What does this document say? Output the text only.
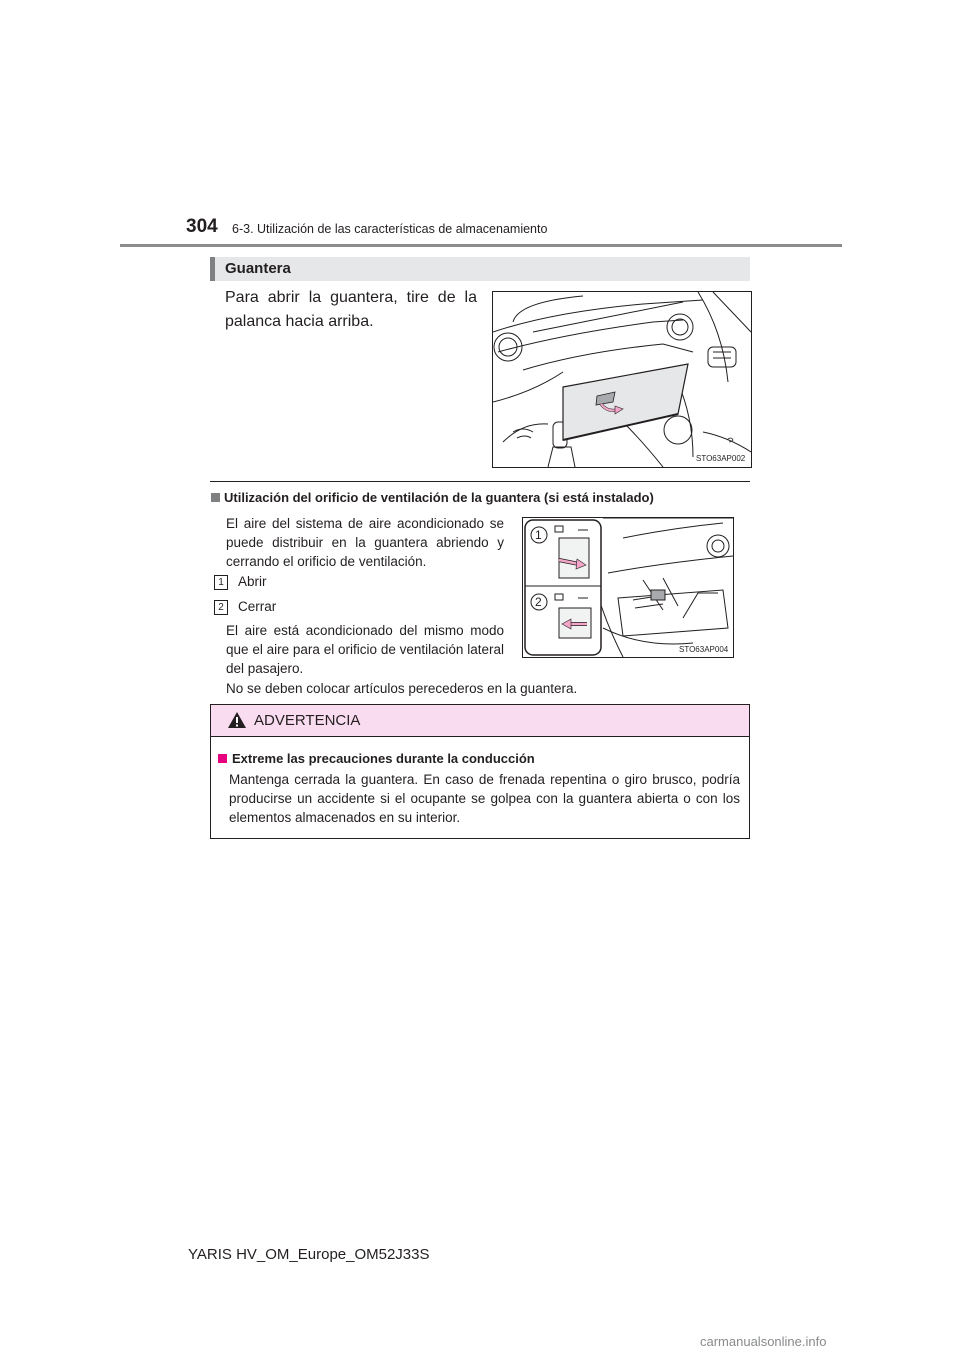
304 6-3. Utilización de las características de almacenamiento
Guantera
Para abrir la guantera, tire de la
palanca hacia arriba.
STO63AP002
Utilización del orificio de ventilación de la guantera (si está instalado)
El aire del sistema de aire acondicionado se puede distribuir en la guantera abriendo y cerrando el orificio de ventilación.
1 Abrir
2 Cerrar
El aire está acondicionado del mismo modo que el aire para el orificio de ventilación lateral del pasajero.
No se deben colocar artículos perecederos en la guantera.
1
2
STO63AP004
ADVERTENCIA
Extreme las precauciones durante la conducción
Mantenga cerrada la guantera. En caso de frenada repentina o giro brusco, podría producirse un accidente si el ocupante se golpea con la guantera abierta o con los elementos almacenados en su interior.
YARIS HV_OM_Europe_OM52J33S
carmanualsonline.info
